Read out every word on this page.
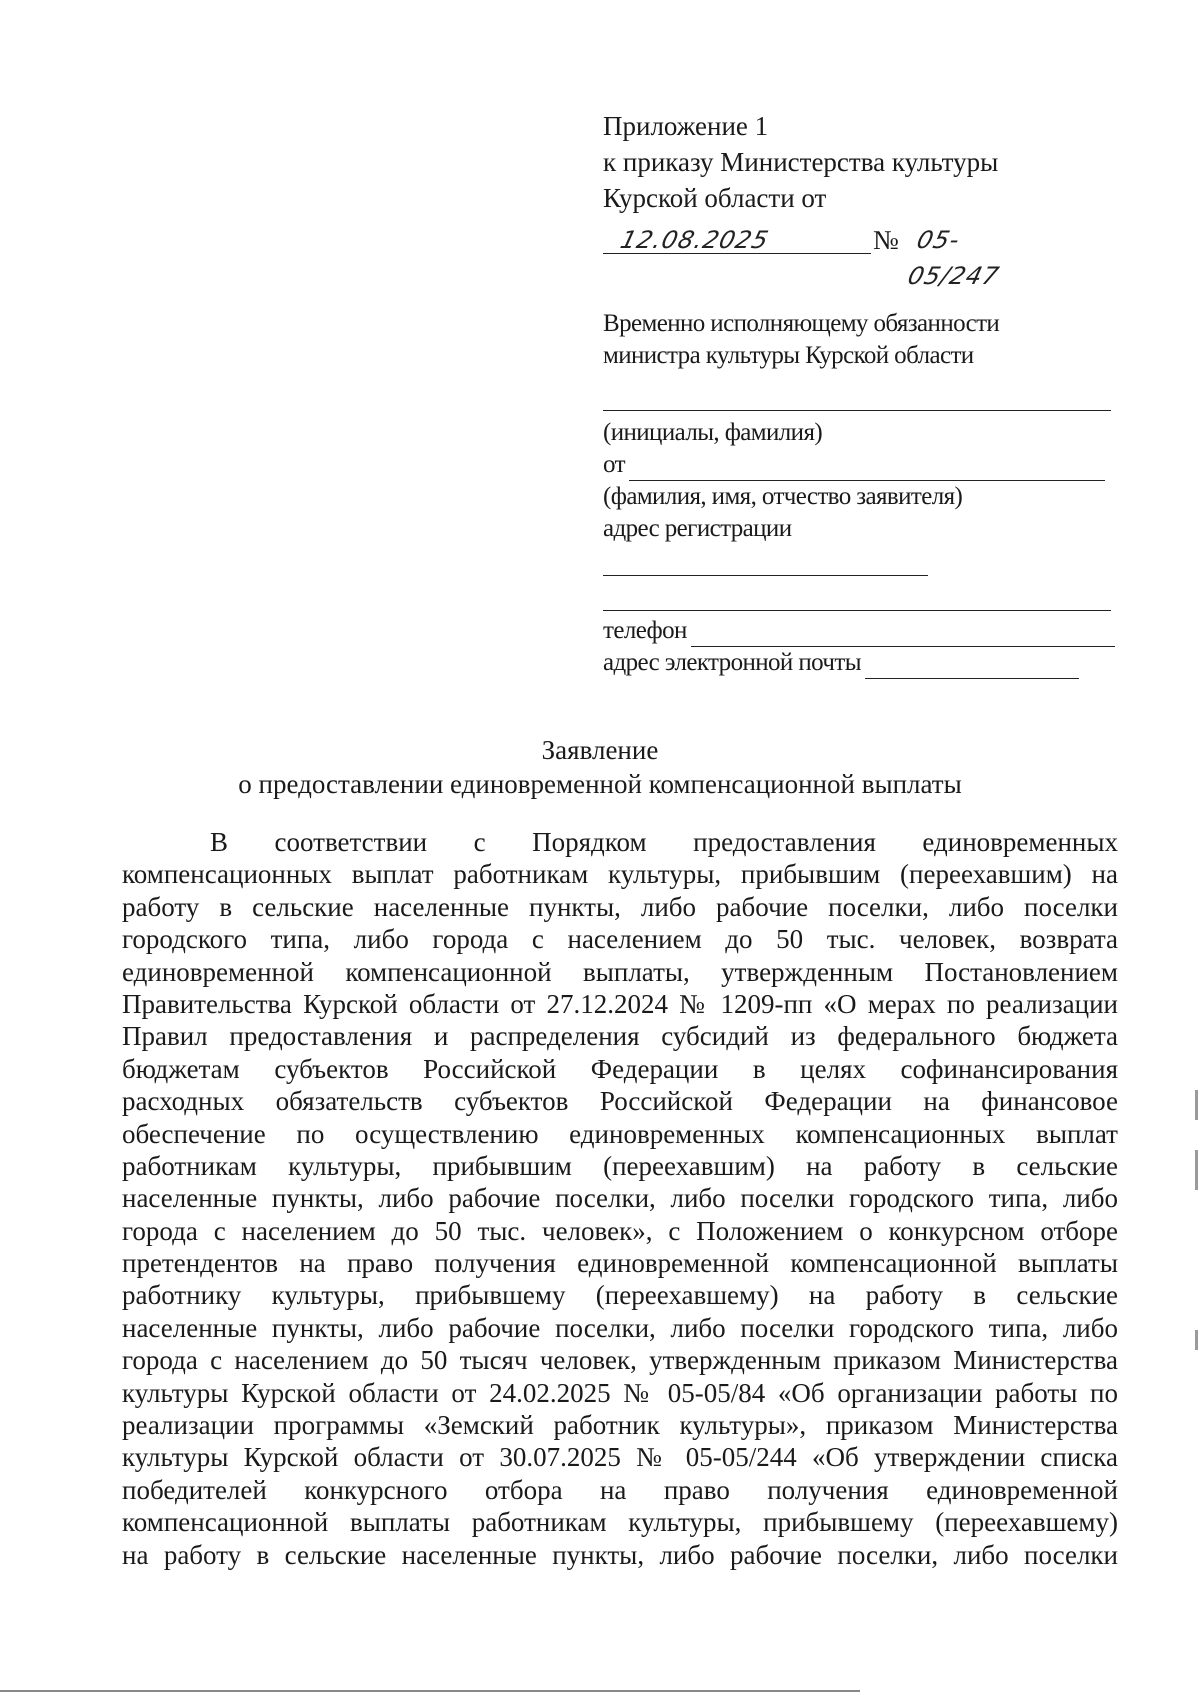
Приложение 1
к приказу Министерства культуры
Курской области от
12.08.2025	№ 05-05/247
Временно исполняющему обязанности
министра культуры Курской области
(инициалы, фамилия)
от
(фамилия, имя, отчество заявителя)
адрес регистрации
телефон
адрес электронной почты
Заявление
о предоставлении единовременной компенсационной выплаты
В соответствии с Порядком предоставления единовременных
компенсационных выплат работникам культуры, прибывшим (переехавшим) на
работу в сельские населенные пункты, либо рабочие поселки, либо поселки
городского типа, либо города с населением до 50 тыс. человек, возврата
единовременной компенсационной выплаты, утвержденным Постановлением
Правительства Курской области от 27.12.2024 № 1209-пп «О мерах по реализации
Правил предоставления и распределения субсидий из федерального бюджета
бюджетам субъектов Российской Федерации в целях софинансирования
расходных обязательств субъектов Российской Федерации на финансовое
обеспечение по осуществлению единовременных компенсационных выплат
работникам культуры, прибывшим (переехавшим) на работу в сельские
населенные пункты, либо рабочие поселки, либо поселки городского типа, либо
города с населением до 50 тыс. человек», с Положением о конкурсном отборе
претендентов на право получения единовременной компенсационной выплаты
работнику культуры, прибывшему (переехавшему) на работу в сельские
населенные пункты, либо рабочие поселки, либо поселки городского типа, либо
города с населением до 50 тысяч человек, утвержденным приказом Министерства
культуры Курской области от 24.02.2025 № 05-05/84 «Об организации работы по
реализации программы «Земский работник культуры», приказом Министерства
культуры Курской области от 30.07.2025 № 05-05/244 «Об утверждении списка
победителей конкурсного отбора на право получения единовременной
компенсационной выплаты работникам культуры, прибывшему (переехавшему)
на работу в сельские населенные пункты, либо рабочие поселки, либо поселки
